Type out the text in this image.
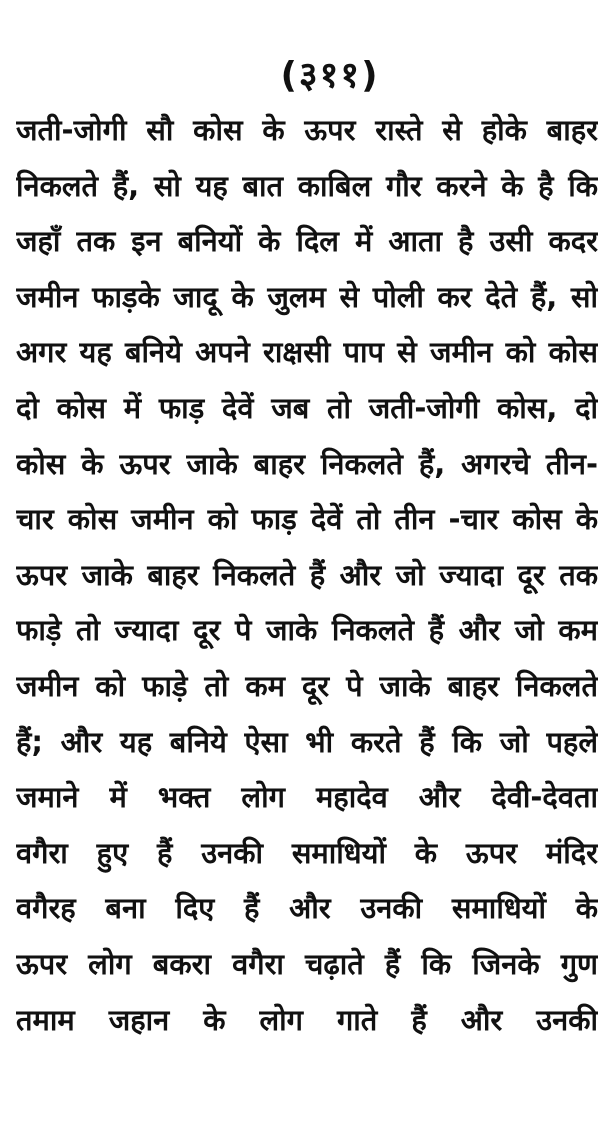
(३११)
जती-जोगी सौ कोस के ऊपर रास्ते से होके बाहर
निकलते हैं, सो यह बात काबिल गौर करने के है कि
जहाँ तक इन बनियों के दिल में आता है उसी कदर
जमीन फाड़के जादू के जुलम से पोली कर देते हैं, सो
अगर यह बनिये अपने राक्षसी पाप से जमीन को कोस
दो कोस में फाड़ देवें जब तो जती-जोगी कोस, दो
कोस के ऊपर जाके बाहर निकलते हैं, अगरचे तीन-
चार कोस जमीन को फाड़ देवें तो तीन -चार कोस के
ऊपर जाके बाहर निकलते हैं और जो ज्यादा दूर तक
फाड़े तो ज्यादा दूर पे जाके निकलते हैं और जो कम
जमीन को फाड़े तो कम दूर पे जाके बाहर निकलते
हैं; और यह बनिये ऐसा भी करते हैं कि जो पहले
जमाने में भक्त लोग महादेव और देवी-देवता
वगैरा हुए हैं उनकी समाधियों के ऊपर मंदिर
वगैरह बना दिए हैं और उनकी समाधियों के
ऊपर लोग बकरा वगैरा चढ़ाते हैं कि जिनके गुण
तमाम जहान के लोग गाते हैं और उनकी
